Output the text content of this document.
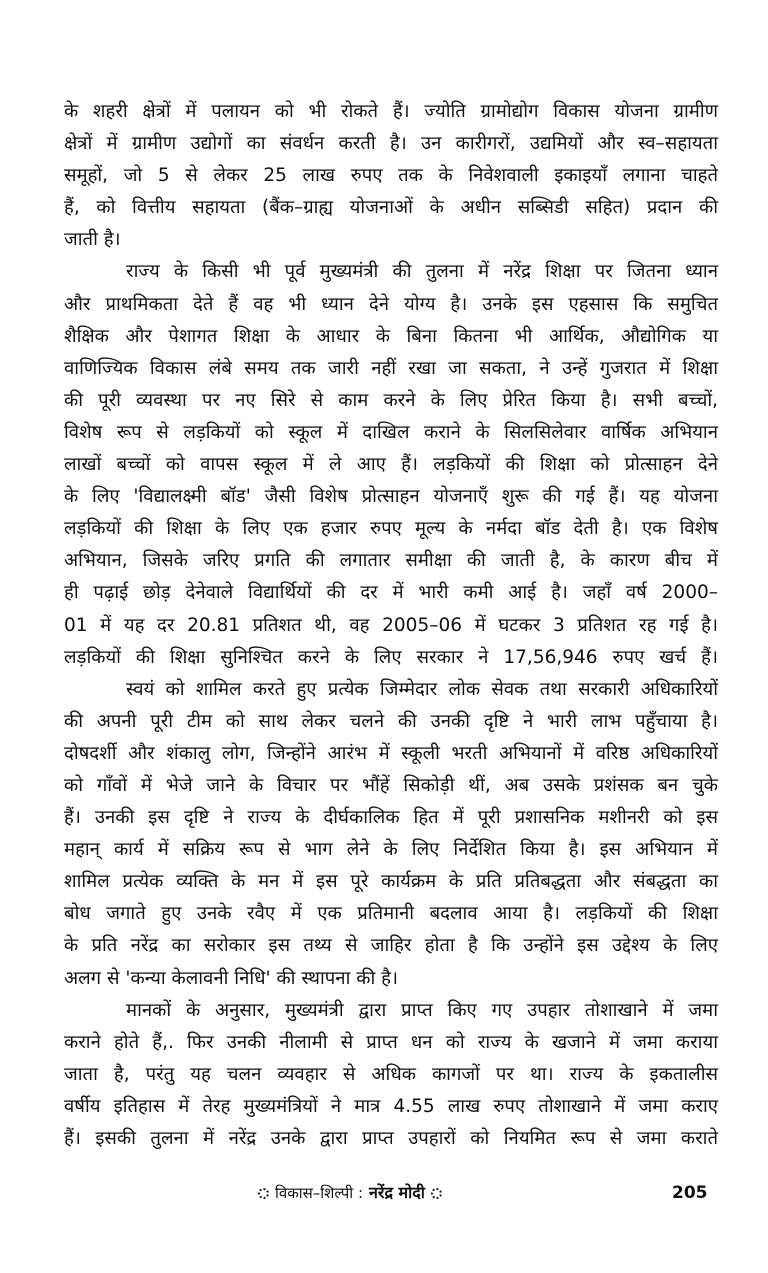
के शहरी क्षेत्रों में पलायन को भी रोकते हैं। ज्योति ग्रामोद्योग विकास योजना ग्रामीण
क्षेत्रों में ग्रामीण उद्योगों का संवर्धन करती है। उन कारीगरों, उद्यमियों और स्व–सहायता
समूहों, जो 5 से लेकर 25 लाख रुपए तक के निवेशवाली इकाइयाँ लगाना चाहते
हैं, को वित्तीय सहायता (बैंक–ग्राह्य योजनाओं के अधीन सब्सिडी सहित) प्रदान की
जाती है।
राज्य के किसी भी पूर्व मुख्यमंत्री की तुलना में नरेंद्र शिक्षा पर जितना ध्यान
और प्राथमिकता देते हैं वह भी ध्यान देने योग्य है। उनके इस एहसास कि समुचित
शैक्षिक और पेशागत शिक्षा के आधार के बिना कितना भी आर्थिक, औद्योगिक या
वाणिज्यिक विकास लंबे समय तक जारी नहीं रखा जा सकता, ने उन्हें गुजरात में शिक्षा
की पूरी व्यवस्था पर नए सिरे से काम करने के लिए प्रेरित किया है। सभी बच्चों,
विशेष रूप से लड़कियों को स्कूल में दाखिल कराने के सिलसिलेवार वार्षिक अभियान
लाखों बच्चों को वापस स्कूल में ले आए हैं। लड़कियों की शिक्षा को प्रोत्साहन देने
के लिए 'विद्यालक्ष्मी बॉड' जैसी विशेष प्रोत्साहन योजनाएँ शुरू की गई हैं। यह योजना
लड़कियों की शिक्षा के लिए एक हजार रुपए मूल्य के नर्मदा बॉड देती है। एक विशेष
अभियान, जिसके जरिए प्रगति की लगातार समीक्षा की जाती है, के कारण बीच में
ही पढ़ाई छोड़ देनेवाले विद्यार्थियों की दर में भारी कमी आई है। जहाँ वर्ष 2000–
01 में यह दर 20.81 प्रतिशत थी, वह 2005–06 में घटकर 3 प्रतिशत रह गई है।
लड़कियों की शिक्षा सुनिश्चित करने के लिए सरकार ने 17,56,946 रुपए खर्च हैं।
स्वयं को शामिल करते हुए प्रत्येक जिम्मेदार लोक सेवक तथा सरकारी अधिकारियों
की अपनी पूरी टीम को साथ लेकर चलने की उनकी दृष्टि ने भारी लाभ पहुँचाया है।
दोषदर्शी और शंकालु लोग, जिन्होंने आरंभ में स्कूली भरती अभियानों में वरिष्ठ अधिकारियों
को गाँवों में भेजे जाने के विचार पर भौंहें सिकोड़ी थीं, अब उसके प्रशंसक बन चुके
हैं। उनकी इस दृष्टि ने राज्य के दीर्घकालिक हित में पूरी प्रशासनिक मशीनरी को इस
महान् कार्य में सक्रिय रूप से भाग लेने के लिए निर्देशित किया है। इस अभियान में
शामिल प्रत्येक व्यक्ति के मन में इस पूरे कार्यक्रम के प्रति प्रतिबद्धता और संबद्धता का
बोध जगाते हुए उनके रवैए में एक प्रतिमानी बदलाव आया है। लड़कियों की शिक्षा
के प्रति नरेंद्र का सरोकार इस तथ्य से जाहिर होता है कि उन्होंने इस उद्देश्य के लिए
अलग से 'कन्या केलावनी निधि' की स्थापना की है।
मानकों के अनुसार, मुख्यमंत्री द्वारा प्राप्त किए गए उपहार तोशाखाने में जमा
कराने होते हैं,. फिर उनकी नीलामी से प्राप्त धन को राज्य के खजाने में जमा कराया
जाता है, परंतु यह चलन व्यवहार से अधिक कागजों पर था। राज्य के इकतालीस
वर्षीय इतिहास में तेरह मुख्यमंत्रियों ने मात्र 4.55 लाख रुपए तोशाखाने में जमा कराए
हैं। इसकी तुलना में नरेंद्र उनके द्वारा प्राप्त उपहारों को नियमित रूप से जमा कराते
विकास–शिल्पी : नरेंद्र मोदी	205
